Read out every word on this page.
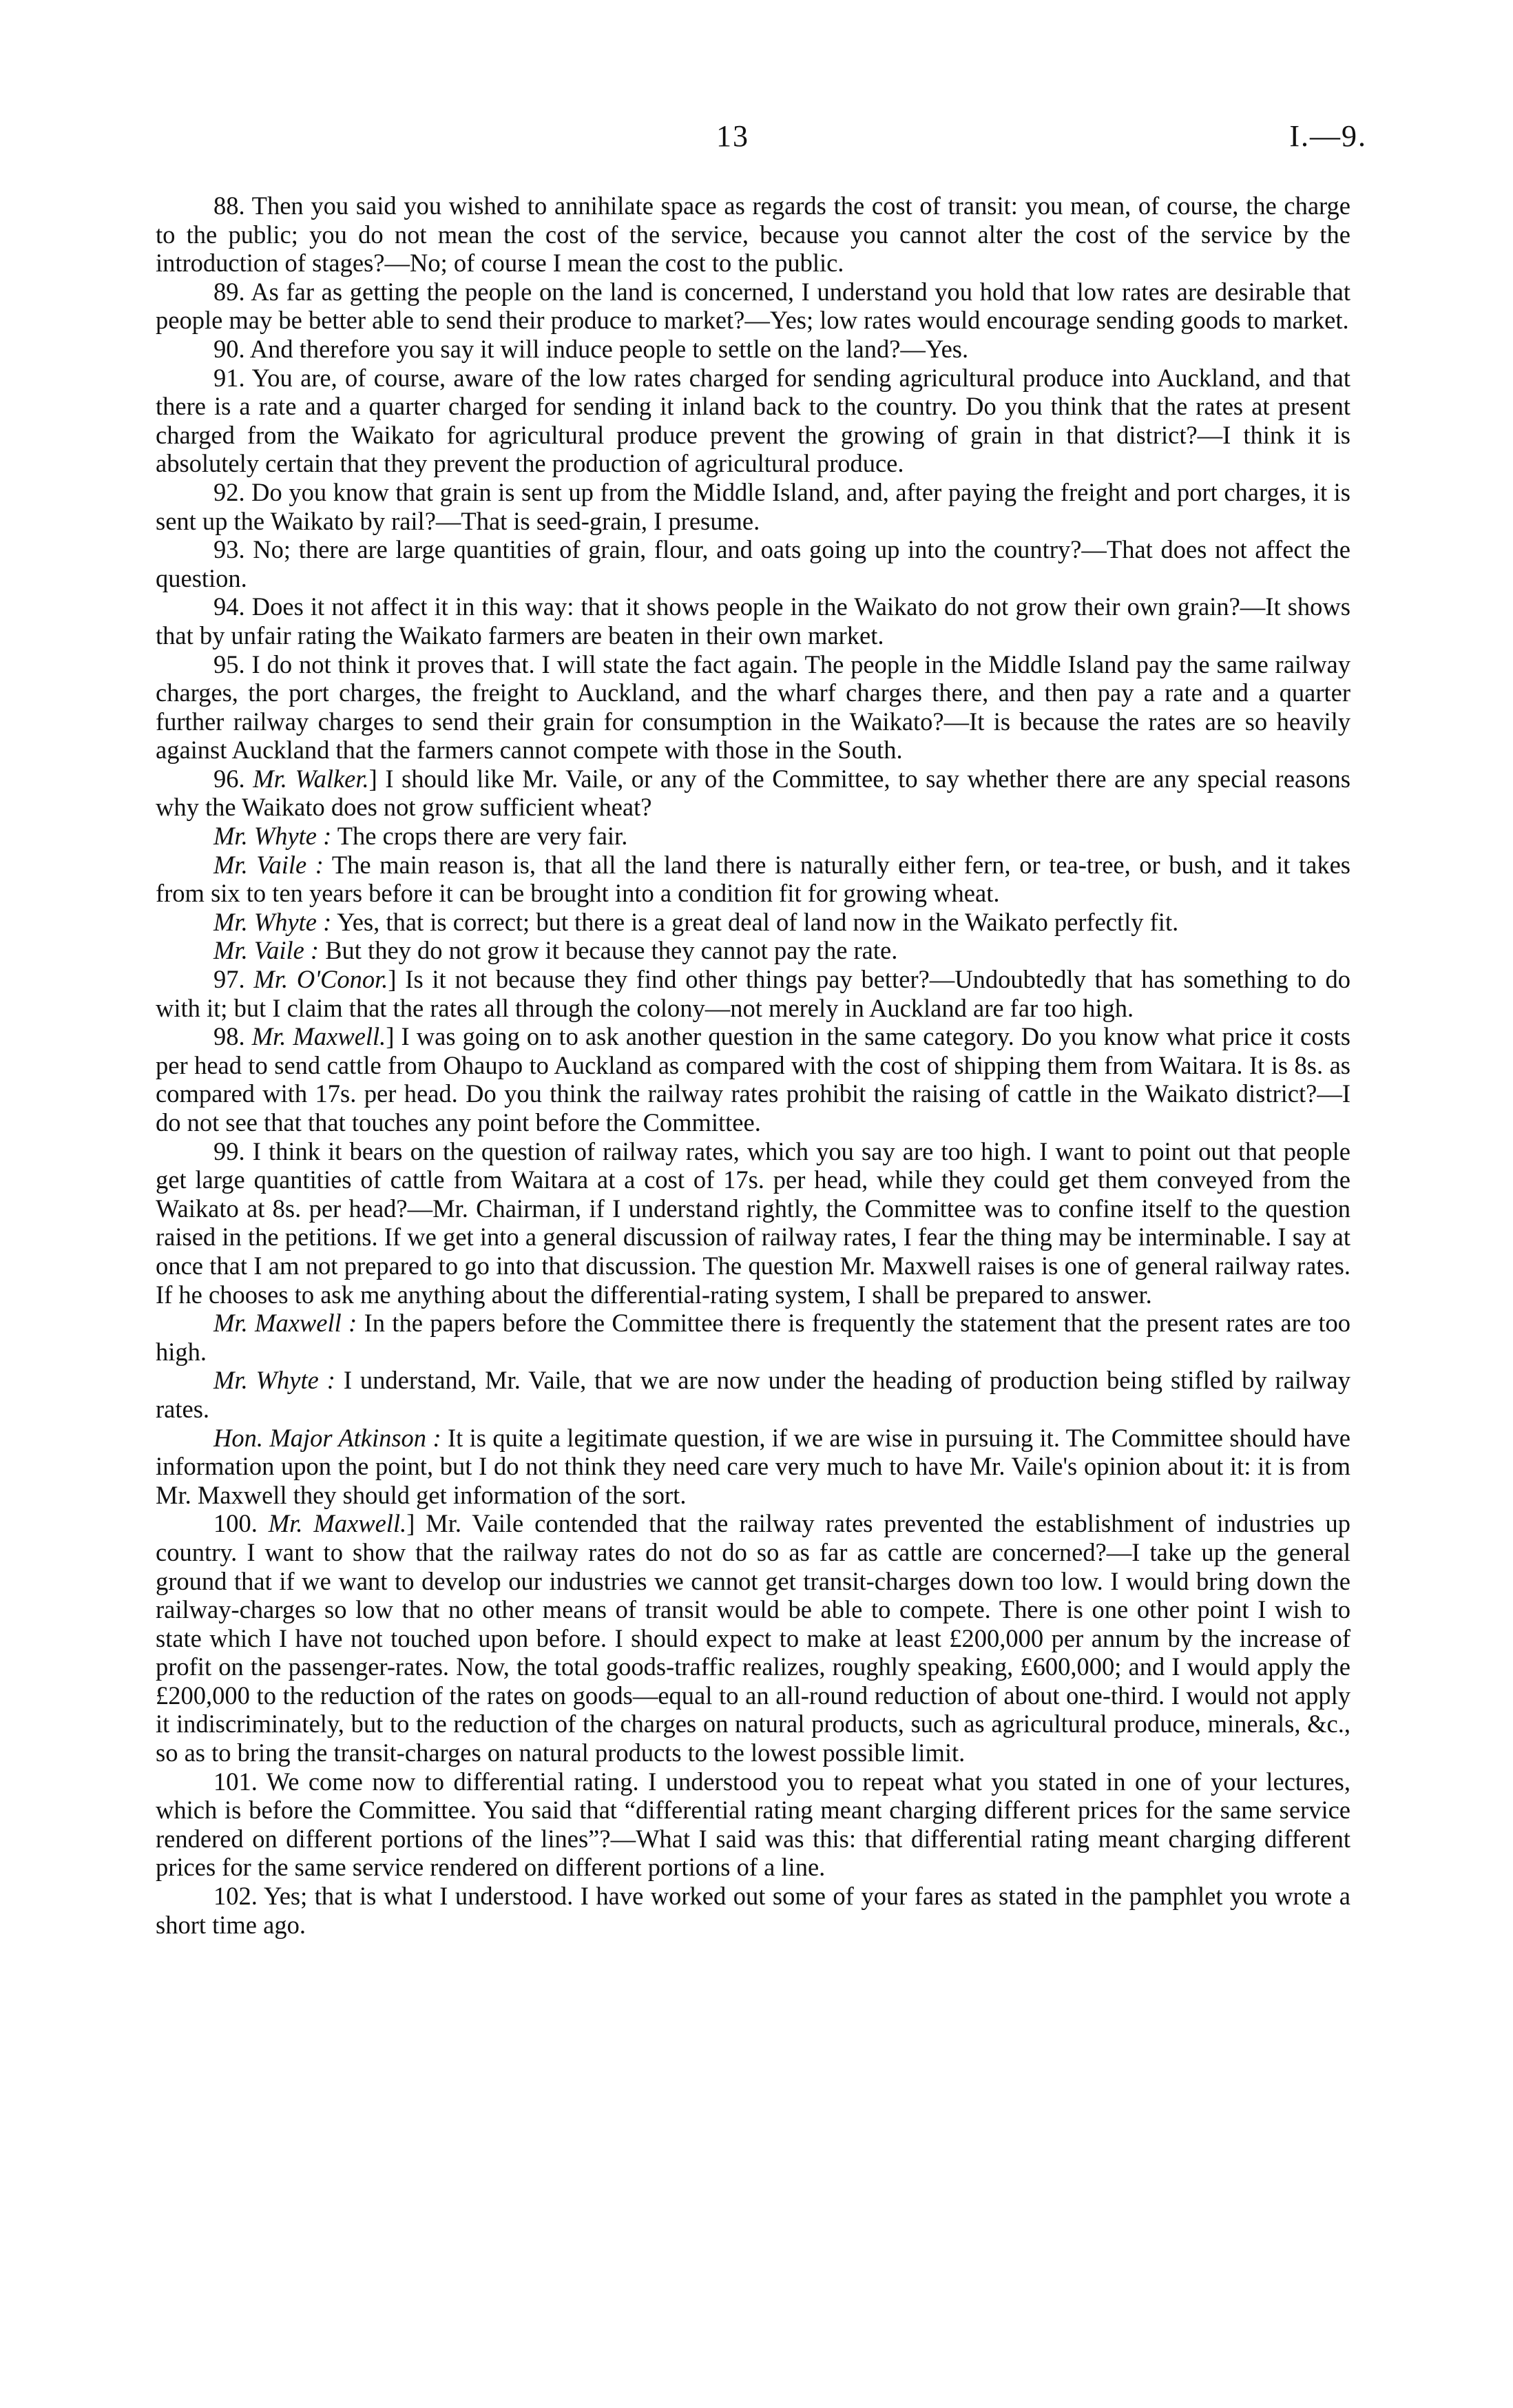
13	I.—9.

88. Then you said you wished to annihilate space as regards the cost of transit: you mean, of course, the charge to the public; you do not mean the cost of the service, because you cannot alter the cost of the service by the introduction of stages?—No; of course I mean the cost to the public.

89. As far as getting the people on the land is concerned, I understand you hold that low rates are desirable that people may be better able to send their produce to market?—Yes; low rates would encourage sending goods to market.

90. And therefore you say it will induce people to settle on the land?—Yes.

91. You are, of course, aware of the low rates charged for sending agricultural produce into Auckland, and that there is a rate and a quarter charged for sending it inland back to the country. Do you think that the rates at present charged from the Waikato for agricultural produce prevent the growing of grain in that district?—I think it is absolutely certain that they prevent the production of agricultural produce.

92. Do you know that grain is sent up from the Middle Island, and, after paying the freight and port charges, it is sent up the Waikato by rail?—That is seed-grain, I presume.

93. No; there are large quantities of grain, flour, and oats going up into the country?—That does not affect the question.

94. Does it not affect it in this way: that it shows people in the Waikato do not grow their own grain?—It shows that by unfair rating the Waikato farmers are beaten in their own market.

95. I do not think it proves that. I will state the fact again. The people in the Middle Island pay the same railway charges, the port charges, the freight to Auckland, and the wharf charges there, and then pay a rate and a quarter further railway charges to send their grain for consumption in the Waikato?—It is because the rates are so heavily against Auckland that the farmers cannot compete with those in the South.

96. Mr. Walker.] I should like Mr. Vaile, or any of the Committee, to say whether there are any special reasons why the Waikato does not grow sufficient wheat?

Mr. Whyte : The crops there are very fair.

Mr. Vaile : The main reason is, that all the land there is naturally either fern, or tea-tree, or bush, and it takes from six to ten years before it can be brought into a condition fit for growing wheat.

Mr. Whyte : Yes, that is correct; but there is a great deal of land now in the Waikato perfectly fit.

Mr. Vaile : But they do not grow it because they cannot pay the rate.

97. Mr. O'Conor.] Is it not because they find other things pay better?—Undoubtedly that has something to do with it; but I claim that the rates all through the colony—not merely in Auckland are far too high.

98. Mr. Maxwell.] I was going on to ask another question in the same category. Do you know what price it costs per head to send cattle from Ohaupo to Auckland as compared with the cost of shipping them from Waitara. It is 8s. as compared with 17s. per head. Do you think the railway rates prohibit the raising of cattle in the Waikato district?—I do not see that that touches any point before the Committee.

99. I think it bears on the question of railway rates, which you say are too high. I want to point out that people get large quantities of cattle from Waitara at a cost of 17s. per head, while they could get them conveyed from the Waikato at 8s. per head?—Mr. Chairman, if I understand rightly, the Committee was to confine itself to the question raised in the petitions. If we get into a general discussion of railway rates, I fear the thing may be interminable. I say at once that I am not prepared to go into that discussion. The question Mr. Maxwell raises is one of general railway rates. If he chooses to ask me anything about the differential-rating system, I shall be prepared to answer.

Mr. Maxwell : In the papers before the Committee there is frequently the statement that the present rates are too high.

Mr. Whyte : I understand, Mr. Vaile, that we are now under the heading of production being stifled by railway rates.

Hon. Major Atkinson : It is quite a legitimate question, if we are wise in pursuing it. The Committee should have information upon the point, but I do not think they need care very much to have Mr. Vaile's opinion about it: it is from Mr. Maxwell they should get information of the sort.

100. Mr. Maxwell.] Mr. Vaile contended that the railway rates prevented the establishment of industries up country. I want to show that the railway rates do not do so as far as cattle are concerned?—I take up the general ground that if we want to develop our industries we cannot get transit-charges down too low. I would bring down the railway-charges so low that no other means of transit would be able to compete. There is one other point I wish to state which I have not touched upon before. I should expect to make at least £200,000 per annum by the increase of profit on the passenger-rates. Now, the total goods-traffic realizes, roughly speaking, £600,000; and I would apply the £200,000 to the reduction of the rates on goods—equal to an all-round reduction of about one-third. I would not apply it indiscriminately, but to the reduction of the charges on natural products, such as agricultural produce, minerals, &c., so as to bring the transit-charges on natural products to the lowest possible limit.

101. We come now to differential rating. I understood you to repeat what you stated in one of your lectures, which is before the Committee. You said that “differential rating meant charging different prices for the same service rendered on different portions of the lines”?—What I said was this: that differential rating meant charging different prices for the same service rendered on different portions of a line.

102. Yes; that is what I understood. I have worked out some of your fares as stated in the pamphlet you wrote a short time ago.
